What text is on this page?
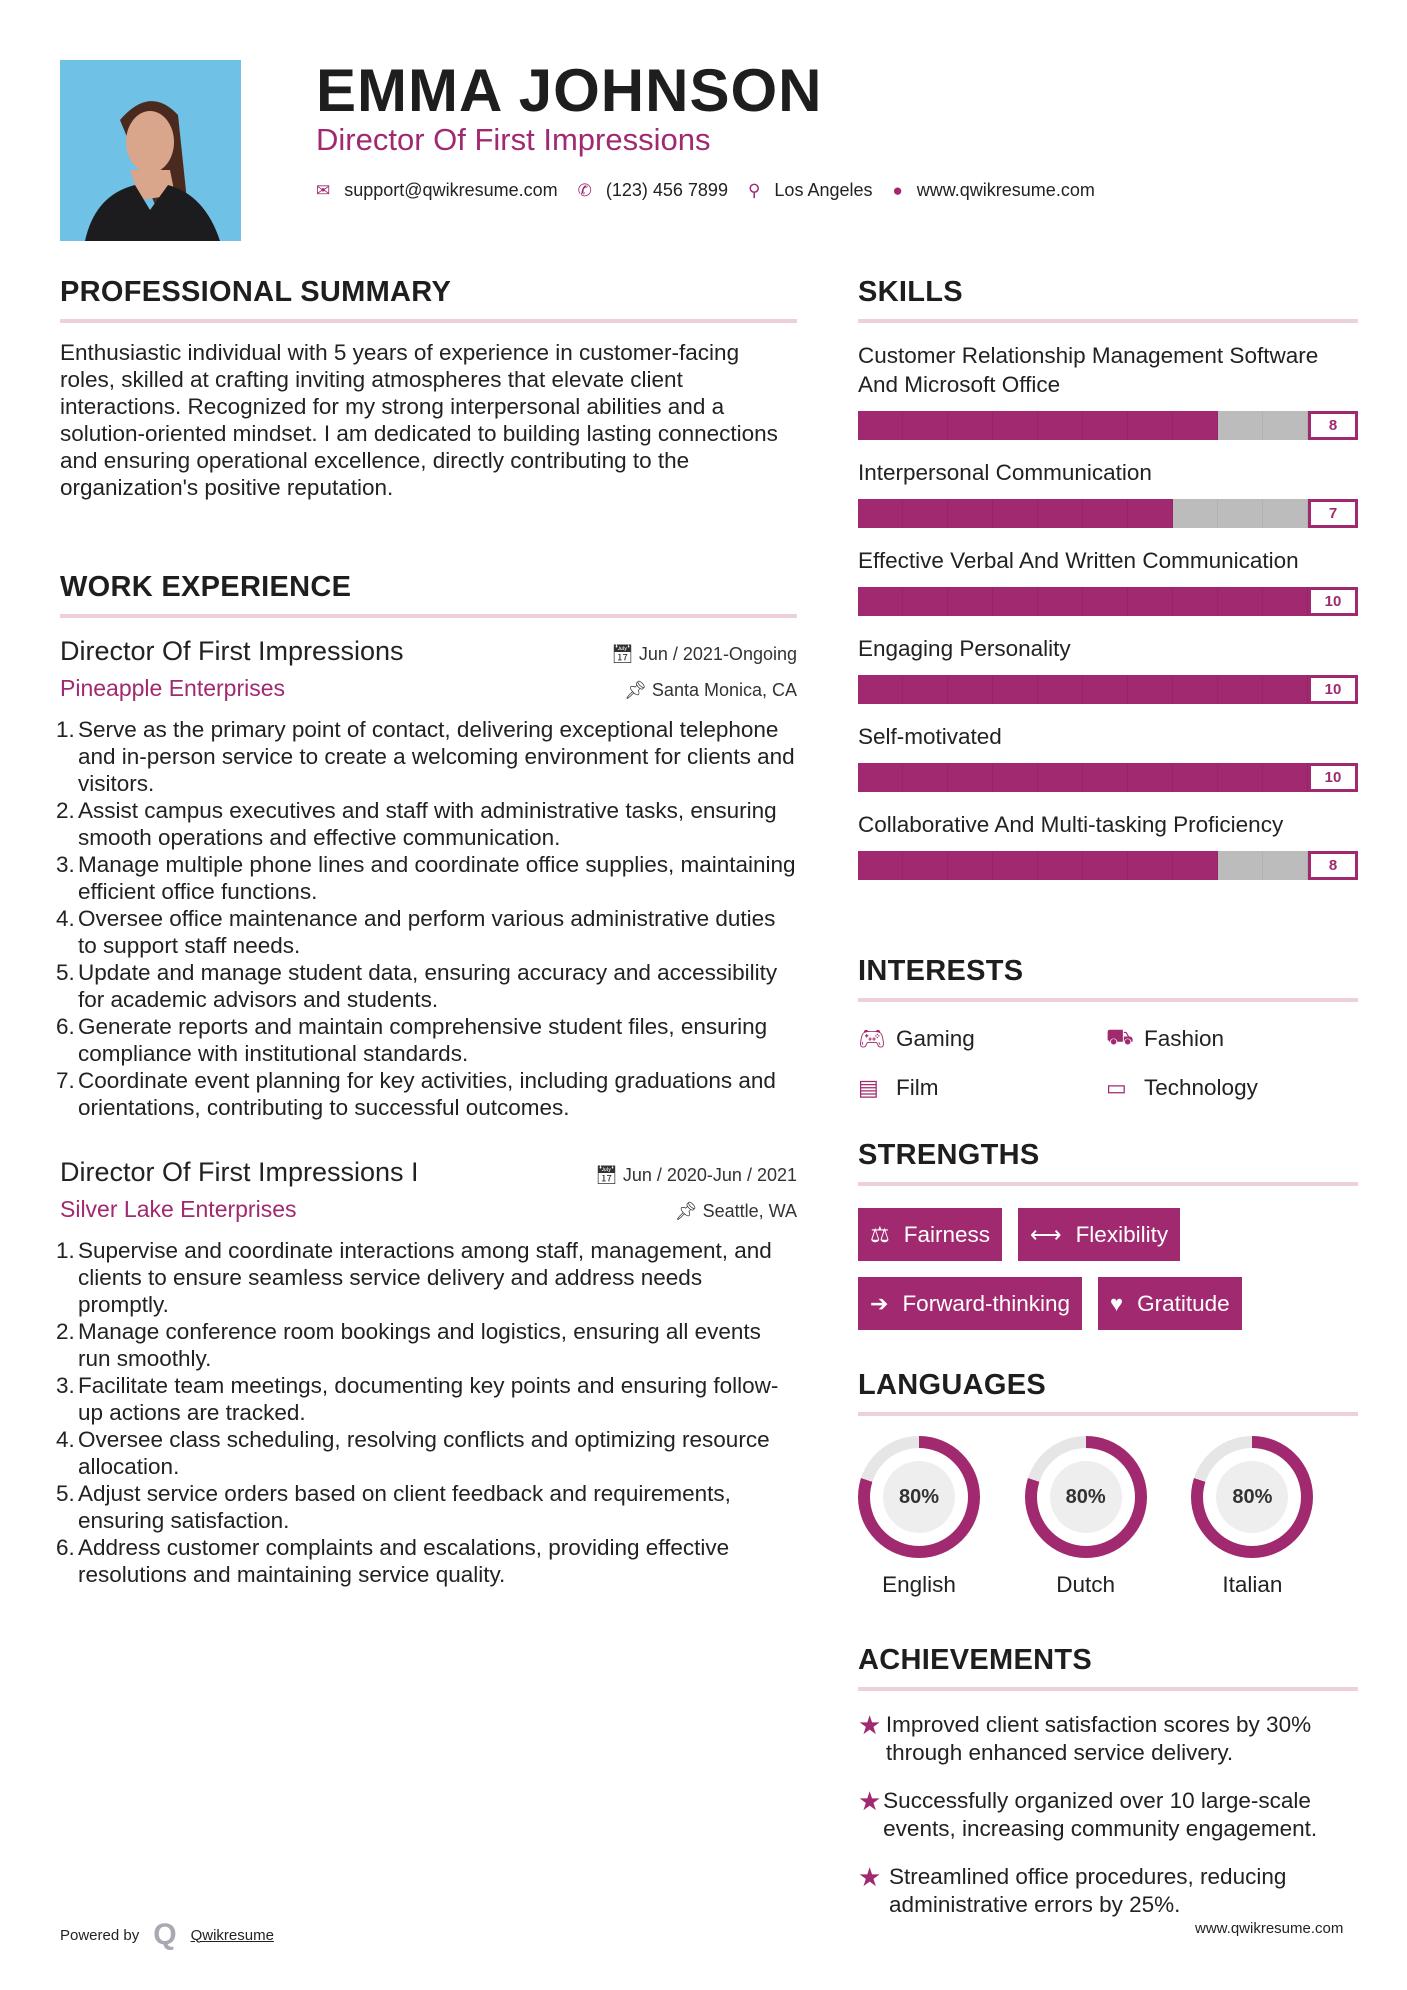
EMMA JOHNSON
Director Of First Impressions
✉ support@qwikresume.com ✆ (123) 456 7899 ⚲ Los Angeles ● www.qwikresume.com
PROFESSIONAL SUMMARY

Enthusiastic individual with 5 years of experience in customer-facing roles, skilled at crafting inviting atmospheres that elevate client interactions. Recognized for my strong interpersonal abilities and a solution-oriented mindset. I am dedicated to building lasting connections and ensuring operational excellence, directly contributing to the organization's positive reputation.

WORK EXPERIENCE
Director Of First Impressions	📅︎ Jun / 2021-Ongoing
Pineapple Enterprises	📌︎ Santa Monica, CA
1. Serve as the primary point of contact, delivering exceptional telephone and in-person service to create a welcoming environment for clients and visitors.
2. Assist campus executives and staff with administrative tasks, ensuring smooth operations and effective communication.
3. Manage multiple phone lines and coordinate office supplies, maintaining efficient office functions.
4. Oversee office maintenance and perform various administrative duties to support staff needs.
5. Update and manage student data, ensuring accuracy and accessibility for academic advisors and students.
6. Generate reports and maintain comprehensive student files, ensuring compliance with institutional standards.
7. Coordinate event planning for key activities, including graduations and orientations, contributing to successful outcomes.
Director Of First Impressions I	📅︎ Jun / 2020-Jun / 2021
Silver Lake Enterprises	📌︎ Seattle, WA
1. Supervise and coordinate interactions among staff, management, and clients to ensure seamless service delivery and address needs promptly.
2. Manage conference room bookings and logistics, ensuring all events run smoothly.
3. Facilitate team meetings, documenting key points and ensuring follow-up actions are tracked.
4. Oversee class scheduling, resolving conflicts and optimizing resource allocation.
5. Adjust service orders based on client feedback and requirements, ensuring satisfaction.
6. Address customer complaints and escalations, providing effective resolutions and maintaining service quality.
SKILLS
Customer Relationship Management Software And Microsoft Office
8
Interpersonal Communication
7
Effective Verbal And Written Communication
10
Engaging Personality
10
Self-motivated
10
Collaborative And Multi-tasking Proficiency
8
INTERESTS
🎮︎ Gaming	⛟ Fashion
▤ Film	▭ Technology
STRENGTHS
⚖ Fairness ⟷ Flexibility
➔ Forward-thinking ♥ Gratitude
LANGUAGES
80%
English
80%
Dutch
80%
Italian
ACHIEVEMENTS
★ Improved client satisfaction scores by 30% through enhanced service delivery.
★ Successfully organized over 10 large-scale events, increasing community engagement.
★ Streamlined office procedures, reducing administrative errors by 25%.
Powered by Q Qwikresume	www.qwikresume.com
